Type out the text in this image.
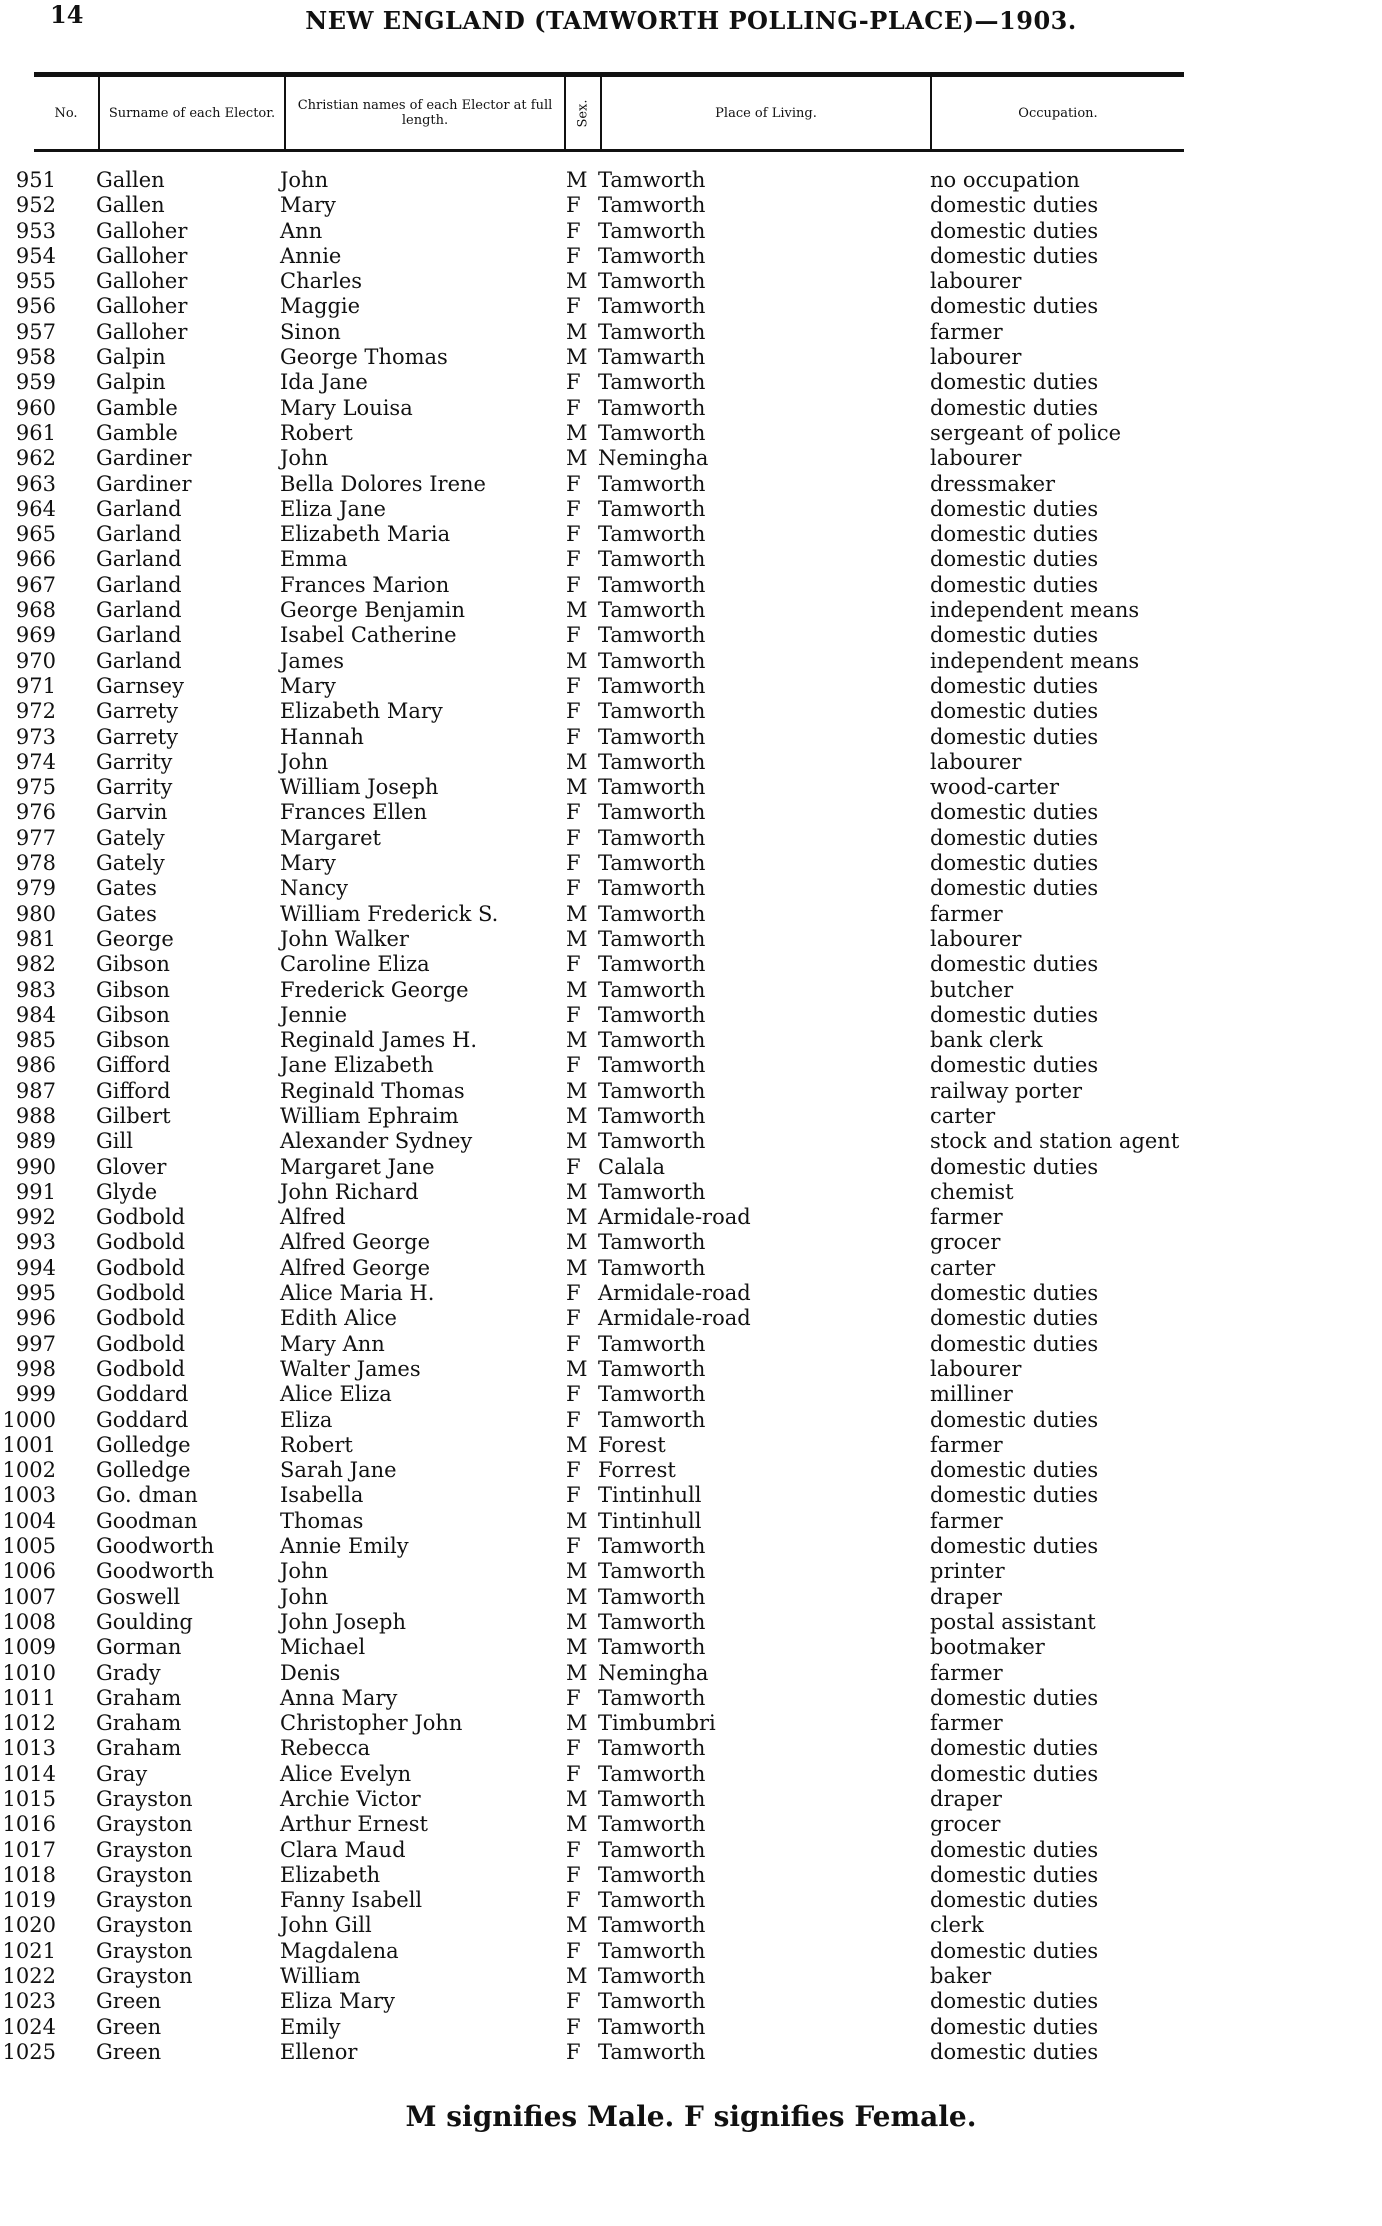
14	NEW ENGLAND (TAMWORTH POLLING-PLACE)—1903.
No.	Surname of each Elector.	Christian names of each Elector at full length.	Sex.	Place of Living.	Occupation.
951 Gallen	John	M Tamworth	no occupation
952 Gallen	Mary	F Tamworth	domestic duties
953 Galloher	Ann	F Tamworth	domestic duties
954 Galloher	Annie	F Tamworth	domestic duties
955 Galloher	Charles	M Tamworth	labourer
956 Galloher	Maggie	F Tamworth	domestic duties
957 Galloher	Sinon	M Tamworth	farmer
958 Galpin	George Thomas	M Tamwarth	labourer
959 Galpin	Ida Jane	F Tamworth	domestic duties
960 Gamble	Mary Louisa	F Tamworth	domestic duties
961 Gamble	Robert	M Tamworth	sergeant of police
962 Gardiner	John	M Nemingha	labourer
963 Gardiner	Bella Dolores Irene	F Tamworth	dressmaker
964 Garland	Eliza Jane	F Tamworth	domestic duties
965 Garland	Elizabeth Maria	F Tamworth	domestic duties
966 Garland	Emma	F Tamworth	domestic duties
967 Garland	Frances Marion	F Tamworth	domestic duties
968 Garland	George Benjamin	M Tamworth	independent means
969 Garland	Isabel Catherine	F Tamworth	domestic duties
970 Garland	James	M Tamworth	independent means
971 Garnsey	Mary	F Tamworth	domestic duties
972 Garrety	Elizabeth Mary	F Tamworth	domestic duties
973 Garrety	Hannah	F Tamworth	domestic duties
974 Garrity	John	M Tamworth	labourer
975 Garrity	William Joseph	M Tamworth	wood-carter
976 Garvin	Frances Ellen	F Tamworth	domestic duties
977 Gately	Margaret	F Tamworth	domestic duties
978 Gately	Mary	F Tamworth	domestic duties
979 Gates	Nancy	F Tamworth	domestic duties
980 Gates	William Frederick S.	M Tamworth	farmer
981 George	John Walker	M Tamworth	labourer
982 Gibson	Caroline Eliza	F Tamworth	domestic duties
983 Gibson	Frederick George	M Tamworth	butcher
984 Gibson	Jennie	F Tamworth	domestic duties
985 Gibson	Reginald James H.	M Tamworth	bank clerk
986 Gifford	Jane Elizabeth	F Tamworth	domestic duties
987 Gifford	Reginald Thomas	M Tamworth	railway porter
988 Gilbert	William Ephraim	M Tamworth	carter
989 Gill	Alexander Sydney	M Tamworth	stock and station agent
990 Glover	Margaret Jane	F Calala	domestic duties
991 Glyde	John Richard	M Tamworth	chemist
992 Godbold	Alfred	M Armidale-road	farmer
993 Godbold	Alfred George	M Tamworth	grocer
994 Godbold	Alfred George	M Tamworth	carter
995 Godbold	Alice Maria H.	F Armidale-road	domestic duties
996 Godbold	Edith Alice	F Armidale-road	domestic duties
997 Godbold	Mary Ann	F Tamworth	domestic duties
998 Godbold	Walter James	M Tamworth	labourer
999 Goddard	Alice Eliza	F Tamworth	milliner
1000 Goddard	Eliza	F Tamworth	domestic duties
1001 Golledge	Robert	M Forest	farmer
1002 Golledge	Sarah Jane	F Forrest	domestic duties
1003 Go. dman	Isabella	F Tintinhull	domestic duties
1004 Goodman	Thomas	M Tintinhull	farmer
1005 Goodworth	Annie Emily	F Tamworth	domestic duties
1006 Goodworth	John	M Tamworth	printer
1007 Goswell	John	M Tamworth	draper
1008 Goulding	John Joseph	M Tamworth	postal assistant
1009 Gorman	Michael	M Tamworth	bootmaker
1010 Grady	Denis	M Nemingha	farmer
1011 Graham	Anna Mary	F Tamworth	domestic duties
1012 Graham	Christopher John	M Timbumbri	farmer
1013 Graham	Rebecca	F Tamworth	domestic duties
1014 Gray	Alice Evelyn	F Tamworth	domestic duties
1015 Grayston	Archie Victor	M Tamworth	draper
1016 Grayston	Arthur Ernest	M Tamworth	grocer
1017 Grayston	Clara Maud	F Tamworth	domestic duties
1018 Grayston	Elizabeth	F Tamworth	domestic duties
1019 Grayston	Fanny Isabell	F Tamworth	domestic duties
1020 Grayston	John Gill	M Tamworth	clerk
1021 Grayston	Magdalena	F Tamworth	domestic duties
1022 Grayston	William	M Tamworth	baker
1023 Green	Eliza Mary	F Tamworth	domestic duties
1024 Green	Emily	F Tamworth	domestic duties
1025 Green	Ellenor	F Tamworth	domestic duties
M signifies Male. F signifies Female.
